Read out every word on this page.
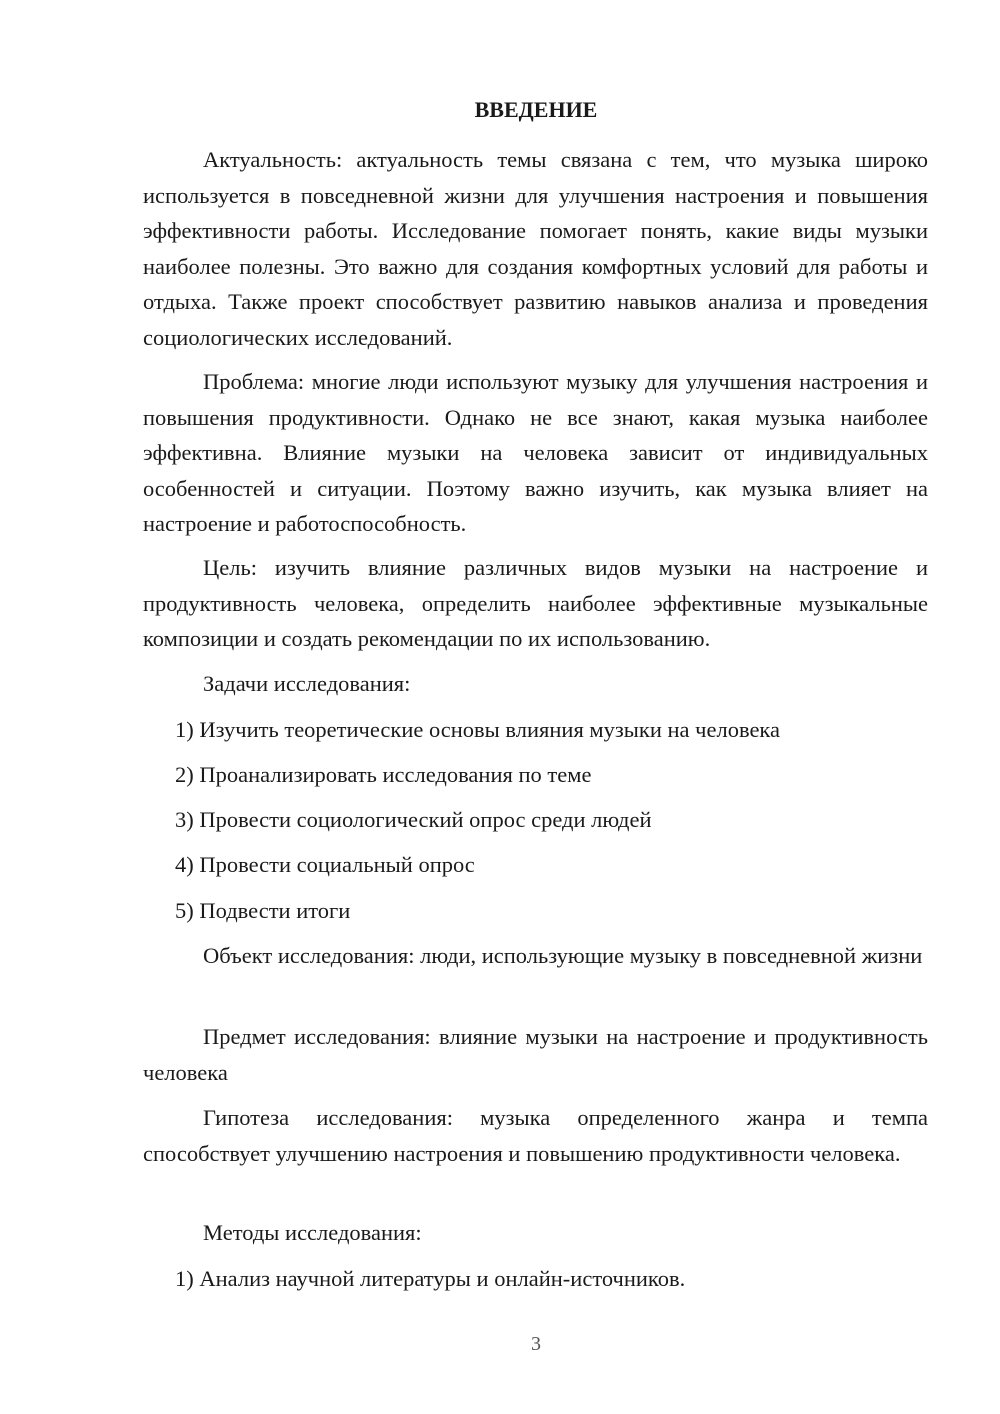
ВВЕДЕНИЕ

Актуальность: актуальность темы связана с тем, что музыка широко используется в повседневной жизни для улучшения настроения и повышения эффективности работы. Исследование помогает понять, какие виды музыки наиболее полезны. Это важно для создания комфортных условий для работы и отдыха. Также проект способствует развитию навыков анализа и проведения социологических исследований.

Проблема: многие люди используют музыку для улучшения настроения и повышения продуктивности. Однако не все знают, какая музыка наиболее эффективна. Влияние музыки на человека зависит от индивидуальных особенностей и ситуации. Поэтому важно изучить, как музыка влияет на настроение и работоспособность.

Цель: изучить влияние различных видов музыки на настроение и продуктивность человека, определить наиболее эффективные музыкальные композиции и создать рекомендации по их использованию.

Задачи исследования:

1) Изучить теоретические основы влияния музыки на человека

2) Проанализировать исследования по теме

3) Провести социологический опрос среди людей

4) Провести социальный опрос

5) Подвести итоги

Объект исследования: люди, использующие музыку в повседневной жизни

Предмет исследования: влияние музыки на настроение и продуктивность человека

Гипотеза исследования: музыка определенного жанра и темпа способствует улучшению настроения и повышению продуктивности человека.

Методы исследования:

1) Анализ научной литературы и онлайн-источников.

3
